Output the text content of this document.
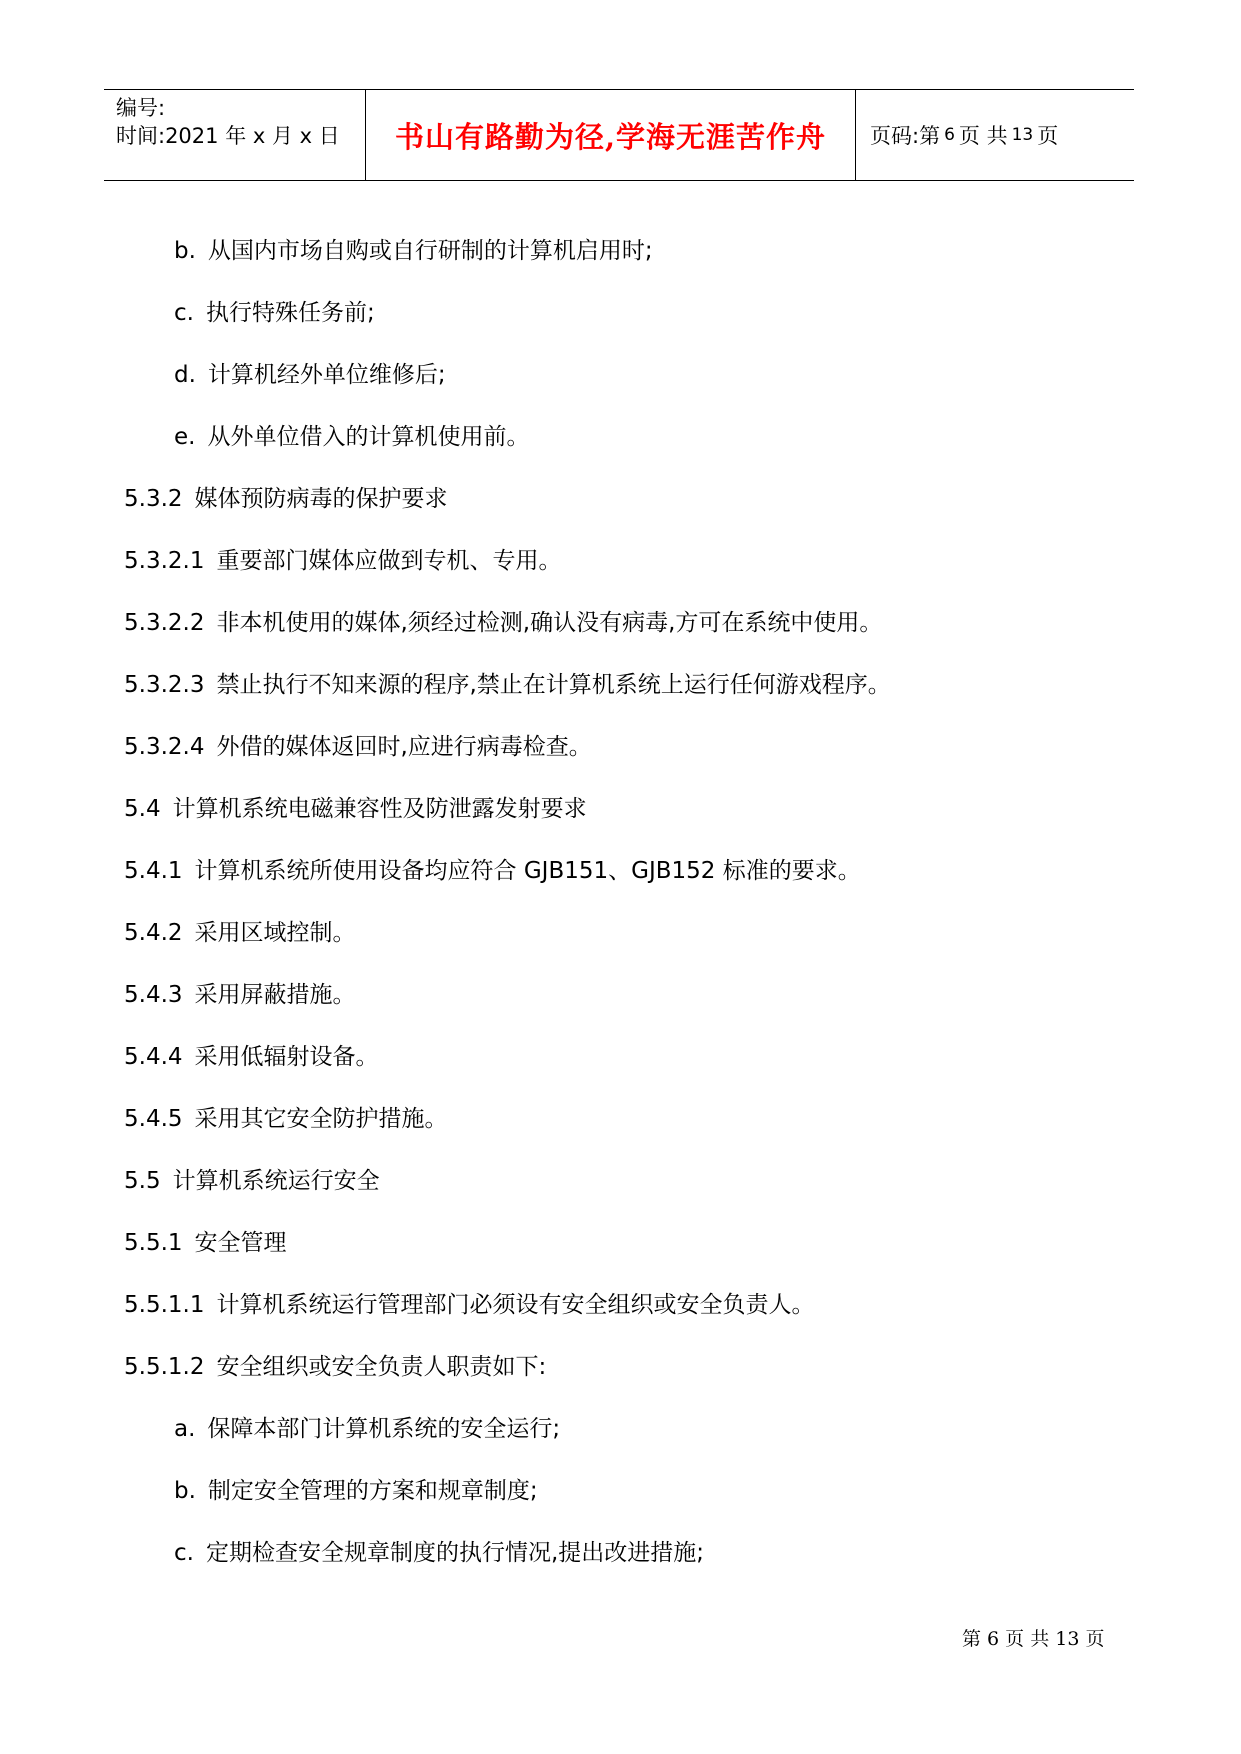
编号:
时间:2021 年 x 月 x 日	书山有路勤为径,学海无涯苦作舟	页码:第 6 页 共 13 页
b. 从国内市场自购或自行研制的计算机启用时;
c. 执行特殊任务前;
d. 计算机经外单位维修后;
e. 从外单位借入的计算机使用前。
5.3.2 媒体预防病毒的保护要求
5.3.2.1 重要部门媒体应做到专机、专用。
5.3.2.2 非本机使用的媒体,须经过检测,确认没有病毒,方可在系统中使用。
5.3.2.3 禁止执行不知来源的程序,禁止在计算机系统上运行任何游戏程序。
5.3.2.4 外借的媒体返回时,应进行病毒检查。
5.4 计算机系统电磁兼容性及防泄露发射要求
5.4.1 计算机系统所使用设备均应符合 GJB151、GJB152 标准的要求。
5.4.2 采用区域控制。
5.4.3 采用屏蔽措施。
5.4.4 采用低辐射设备。
5.4.5 采用其它安全防护措施。
5.5 计算机系统运行安全
5.5.1 安全管理
5.5.1.1 计算机系统运行管理部门必须设有安全组织或安全负责人。
5.5.1.2 安全组织或安全负责人职责如下:
a. 保障本部门计算机系统的安全运行;
b. 制定安全管理的方案和规章制度;
c. 定期检查安全规章制度的执行情况,提出改进措施;
第 6 页 共 13 页
